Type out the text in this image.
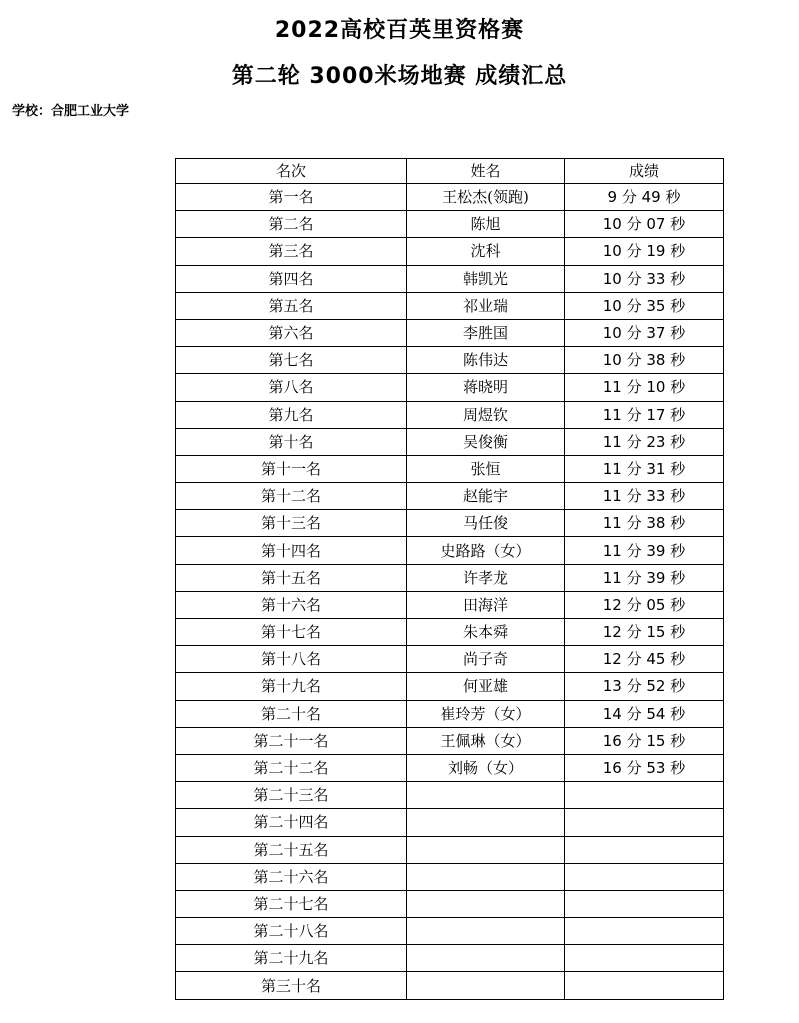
2022高校百英里资格赛
第二轮 3000米场地赛 成绩汇总
学校：合肥工业大学
名次	姓名	成绩
第一名	王松杰(领跑)	9 分 49 秒
第二名	陈旭	10 分 07 秒
第三名	沈科	10 分 19 秒
第四名	韩凯光	10 分 33 秒
第五名	祁业瑞	10 分 35 秒
第六名	李胜国	10 分 37 秒
第七名	陈伟达	10 分 38 秒
第八名	蒋晓明	11 分 10 秒
第九名	周煜钦	11 分 17 秒
第十名	吴俊衡	11 分 23 秒
第十一名	张恒	11 分 31 秒
第十二名	赵能宇	11 分 33 秒
第十三名	马任俊	11 分 38 秒
第十四名	史路路（女）	11 分 39 秒
第十五名	许孝龙	11 分 39 秒
第十六名	田海洋	12 分 05 秒
第十七名	朱本舜	12 分 15 秒
第十八名	尚子奇	12 分 45 秒
第十九名	何亚雄	13 分 52 秒
第二十名	崔玲芳（女）	14 分 54 秒
第二十一名	王佩琳（女）	16 分 15 秒
第二十二名	刘畅（女）	16 分 53 秒
第二十三名		
第二十四名		
第二十五名		
第二十六名		
第二十七名		
第二十八名		
第二十九名		
第三十名		
